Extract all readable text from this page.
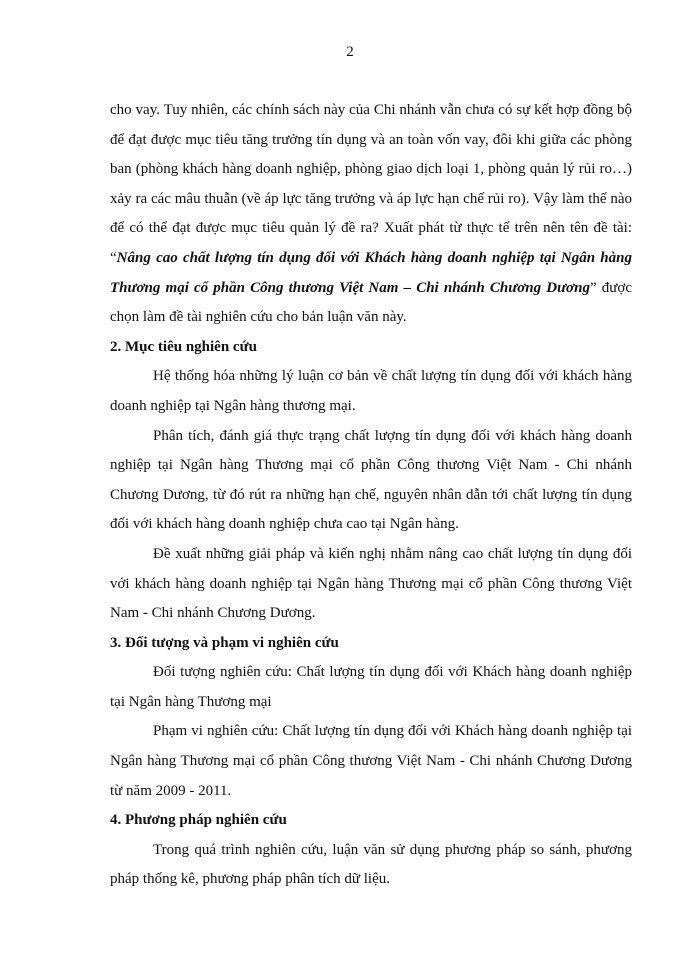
2

cho vay. Tuy nhiên, các chính sách này của Chi nhánh vẫn chưa có sự kết hợp đồng bộ để đạt được mục tiêu tăng trưởng tín dụng và an toàn vốn vay, đôi khi giữa các phòng ban (phòng khách hàng doanh nghiệp, phòng giao dịch loại 1, phòng quản lý rủi ro…) xảy ra các mâu thuẫn (về áp lực tăng trưởng và áp lực hạn chế rủi ro). Vậy làm thế nào để có thể đạt được mục tiêu quản lý đề ra? Xuất phát từ thực tế trên nên tên đề tài: “Nâng cao chất lượng tín dụng đối với Khách hàng doanh nghiệp tại Ngân hàng Thương mại cổ phần Công thương Việt Nam – Chi nhánh Chương Dương” được chọn làm đề tài nghiên cứu cho bản luận văn này.

2. Mục tiêu nghiên cứu

Hệ thống hóa những lý luận cơ bản về chất lượng tín dụng đối với khách hàng doanh nghiệp tại Ngân hàng thương mại.

Phân tích, đánh giá thực trạng chất lượng tín dụng đối với khách hàng doanh nghiệp tại Ngân hàng Thương mại cổ phần Công thương Việt Nam - Chi nhánh Chương Dương, từ đó rút ra những hạn chế, nguyên nhân dẫn tới chất lượng tín dụng đối với khách hàng doanh nghiệp chưa cao tại Ngân hàng.

Đề xuất những giải pháp và kiến nghị nhằm nâng cao chất lượng tín dụng đối với khách hàng doanh nghiệp tại Ngân hàng Thương mại cổ phần Công thương Việt Nam - Chi nhánh Chương Dương.

3. Đối tượng và phạm vi nghiên cứu

Đối tượng nghiên cứu: Chất lượng tín dụng đối với Khách hàng doanh nghiệp tại Ngân hàng Thương mại

Phạm vi nghiên cứu: Chất lượng tín dụng đối với Khách hàng doanh nghiệp tại Ngân hàng Thương mại cổ phần Công thương Việt Nam - Chi nhánh Chương Dương từ năm 2009 - 2011.

4. Phương pháp nghiên cứu

Trong quá trình nghiên cứu, luận văn sử dụng phương pháp so sánh, phương pháp thống kê, phương pháp phân tích dữ liệu.
